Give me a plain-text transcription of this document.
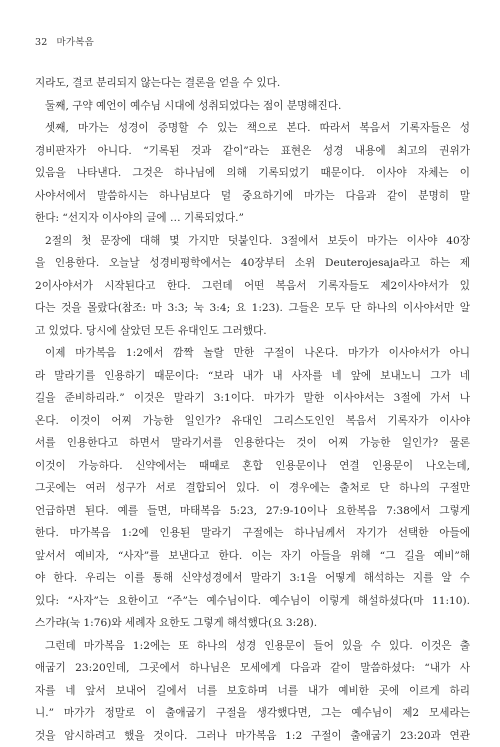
32 마가복음
지라도, 결코 분리되지 않는다는 결론을 얻을 수 있다.
둘째, 구약 예언이 예수님 시대에 성취되었다는 점이 분명해진다.
셋째, 마가는 성경이 증명할 수 있는 책으로 본다. 따라서 복음서 기록자들은 성
경비판자가 아니다. “기록된 것과 같이”라는 표현은 성경 내용에 최고의 권위가
있음을 나타낸다. 그것은 하나님에 의해 기록되었기 때문이다. 이사야 자체는 이
사야서에서 말씀하시는 하나님보다 덜 중요하기에 마가는 다음과 같이 분명히 말
한다: “선지자 이사야의 글에 … 기록되었다.”
2절의 첫 문장에 대해 몇 가지만 덧붙인다. 3절에서 보듯이 마가는 이사야 40장
을 인용한다. 오늘날 성경비평학에서는 40장부터 소위 Deuterojesaja라고 하는 제
2이사야서가 시작된다고 한다. 그런데 어떤 복음서 기록자들도 제2이사야서가 있
다는 것을 몰랐다(참조: 마 3:3; 눅 3:4; 요 1:23). 그들은 모두 단 하나의 이사야서만 알
고 있었다. 당시에 살았던 모든 유대인도 그러했다.
이제 마가복음 1:2에서 깜짝 놀랄 만한 구절이 나온다. 마가가 이사야서가 아니
라 말라기를 인용하기 때문이다: “보라 내가 내 사자를 네 앞에 보내노니 그가 네
길을 준비하리라.” 이것은 말라기 3:1이다. 마가가 말한 이사야서는 3절에 가서 나
온다. 이것이 어찌 가능한 일인가? 유대인 그리스도인인 복음서 기록자가 이사야
서를 인용한다고 하면서 말라기서를 인용한다는 것이 어찌 가능한 일인가? 물론
이것이 가능하다. 신약에서는 때때로 혼합 인용문이나 연결 인용문이 나오는데,
그곳에는 여러 성구가 서로 결합되어 있다. 이 경우에는 출처로 단 하나의 구절만
언급하면 된다. 예를 들면, 마태복음 5:23, 27:9-10이나 요한복음 7:38에서 그렇게
한다. 마가복음 1:2에 인용된 말라기 구절에는 하나님께서 자기가 선택한 아들에
앞서서 예비자, “사자”를 보낸다고 한다. 이는 자기 아들을 위해 “그 길을 예비”해
야 한다. 우리는 이를 통해 신약성경에서 말라기 3:1을 어떻게 해석하는 지를 알 수
있다: “사자”는 요한이고 “주”는 예수님이다. 예수님이 이렇게 해설하셨다(마 11:10).
스가랴(눅 1:76)와 세례자 요한도 그렇게 해석했다(요 3:28).
그런데 마가복음 1:2에는 또 하나의 성경 인용문이 들어 있을 수 있다. 이것은 출
애굽기 23:20인데, 그곳에서 하나님은 모세에게 다음과 같이 말씀하셨다: “내가 사
자를 네 앞서 보내어 길에서 너를 보호하며 너를 내가 예비한 곳에 이르게 하리
니.” 마가가 정말로 이 출애굽기 구절을 생각했다면, 그는 예수님이 제2 모세라는
것을 암시하려고 했을 것이다. 그러나 마가복음 1:2 구절이 출애굽기 23:20과 연관
